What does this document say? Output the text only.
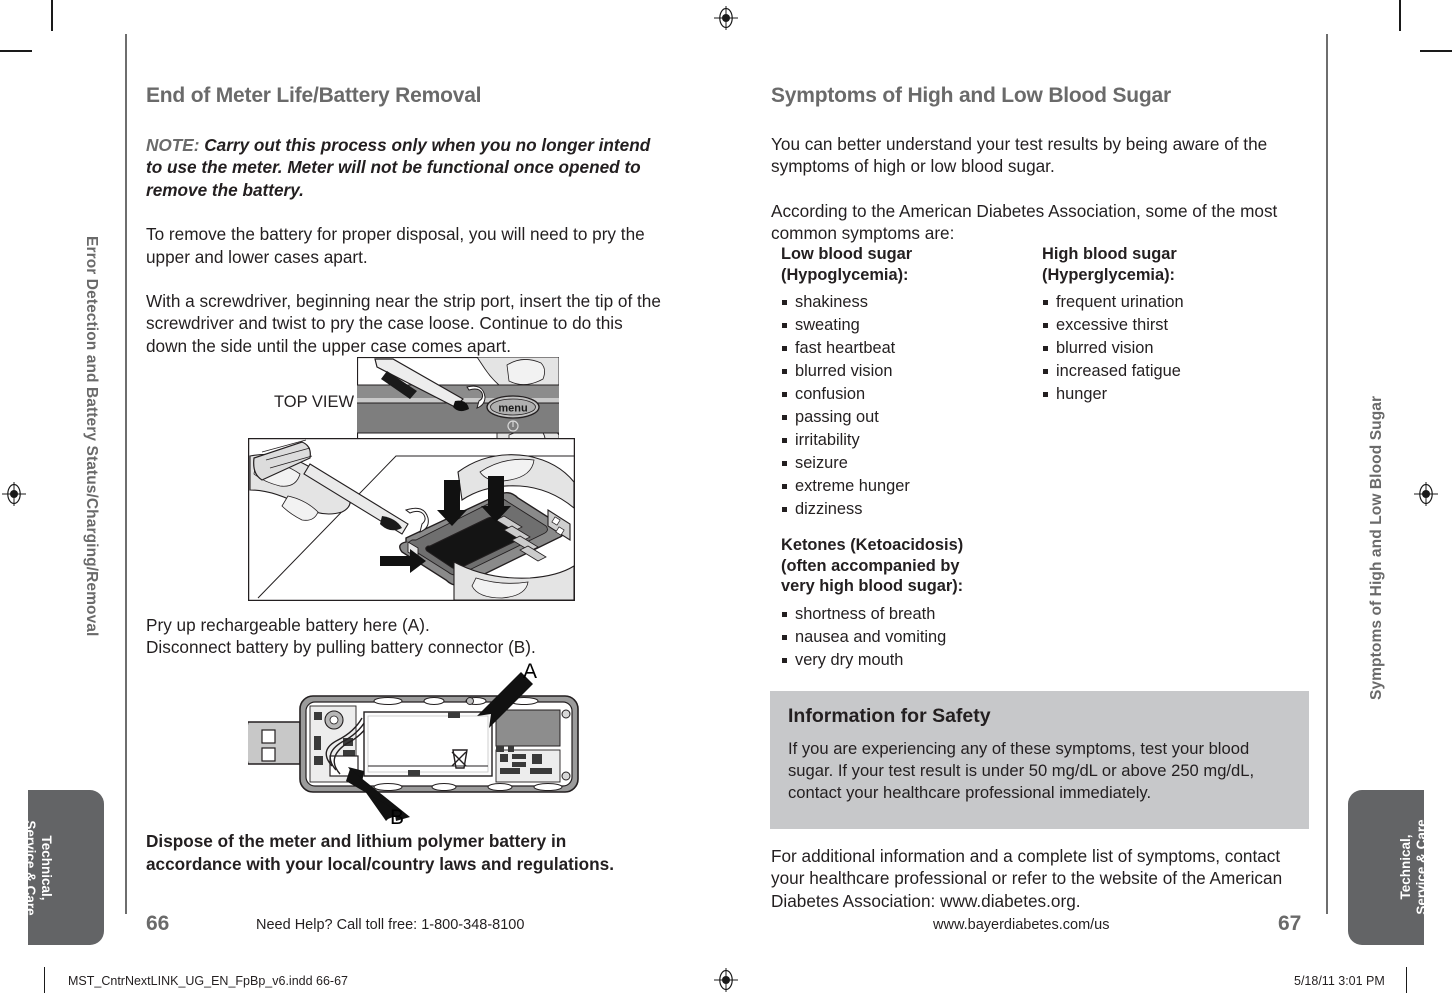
Error Detection and Battery Status/Charging/Removal
Technical,
Service & Care
End of Meter Life/Battery Removal

NOTE: Carry out this process only when you no longer intend to use the meter. Meter will not be functional once opened to remove the battery.

To remove the battery for proper disposal, you will need to pry the upper and lower cases apart.

With a screwdriver, beginning near the strip port, insert the tip of the screwdriver and twist to pry the case loose. Continue to do this down the side until the upper case comes apart.

TOP VIEW	menu

Pry up rechargeable battery here (A).

Disconnect battery by pulling battery connector (B).

A
B

Dispose of the meter and lithium polymer battery in accordance with your local/country laws and regulations.

66	Need Help? Call toll free: 1-800-348-8100
Symptoms of High and Low Blood Sugar
Technical,
Service & Care
Symptoms of High and Low Blood Sugar

You can better understand your test results by being aware of the symptoms of high or low blood sugar.

According to the American Diabetes Association, some of the most common symptoms are:

Low blood sugar
(Hypoglycemia):

shakiness
sweating
fast heartbeat
blurred vision
confusion
passing out
irritability
seizure
extreme hunger
dizziness

High blood sugar
(Hyperglycemia):

frequent urination
excessive thirst
blurred vision
increased fatigue
hunger

Ketones (Ketoacidosis)
(often accompanied by
very high blood sugar):

shortness of breath
nausea and vomiting
very dry mouth
Information for Safety

If you are experiencing any of these symptoms, test your blood sugar. If your test result is under 50 mg/dL or above 250 mg/dL, contact your healthcare professional immediately.

For additional information and a complete list of symptoms, contact your healthcare professional or refer to the website of the American Diabetes Association: www.diabetes.org.

www.bayerdiabetes.com/us	67
MST_CntrNextLINK_UG_EN_FpBp_v6.indd 66-67	5/18/11 3:01 PM
